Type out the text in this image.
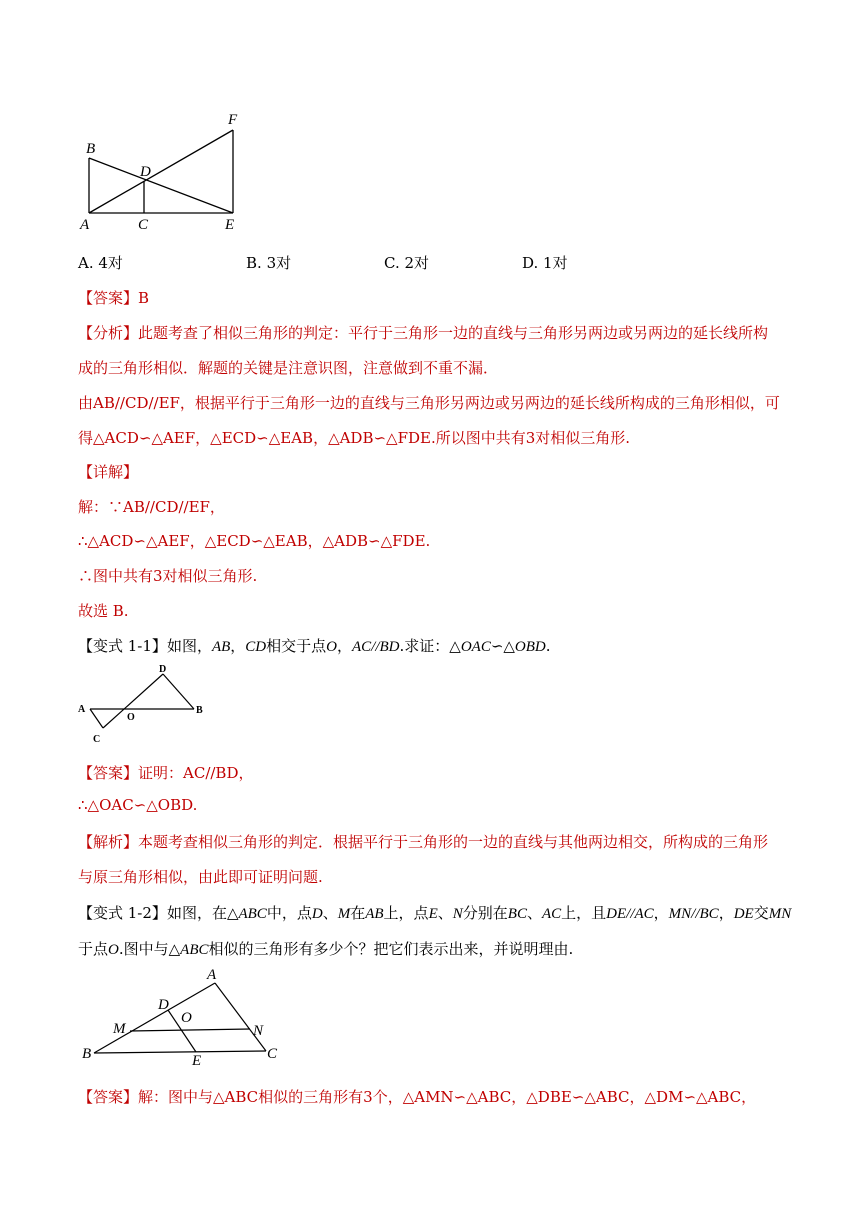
B
D
F
A	C	E
A. 4对	B. 3对	C. 2对	D. 1对
【答案】B
【分析】此题考查了相似三角形的判定：平行于三角形一边的直线与三角形另两边或另两边的延长线所构
成的三角形相似．解题的关键是注意识图，注意做到不重不漏．
由AB//CD//EF，根据平行于三角形一边的直线与三角形另两边或另两边的延长线所构成的三角形相似，可
得△ACD∽△AEF，△ECD∽△EAB，△ADB∽△FDE.所以图中共有3对相似三角形.
【详解】
解：∵AB//CD//EF，
∴△ACD∽△AEF，△ECD∽△EAB，△ADB∽△FDE.
∴图中共有3对相似三角形.
故选 B.
【变式 1-1】如图，AB，CD相交于点O，AC//BD.求证：△OAC∽△OBD.
D
A
O
B
C
【答案】证明：AC//BD，
∴△OAC∽△OBD.
【解析】本题考查相似三角形的判定．根据平行于三角形的一边的直线与其他两边相交，所构成的三角形
与原三角形相似，由此即可证明问题.
【变式 1-2】如图，在△ABC中，点D、M在AB上，点E、N分别在BC、AC上，且DE//AC，MN//BC，DE交MN
于点O.图中与△ABC相似的三角形有多少个？把它们表示出来，并说明理由.
A
D
O
M	N
B	E	C
【答案】解：图中与△ABC相似的三角形有3个，△AMN∽△ABC，△DBE∽△ABC，△DM∽△ABC，
